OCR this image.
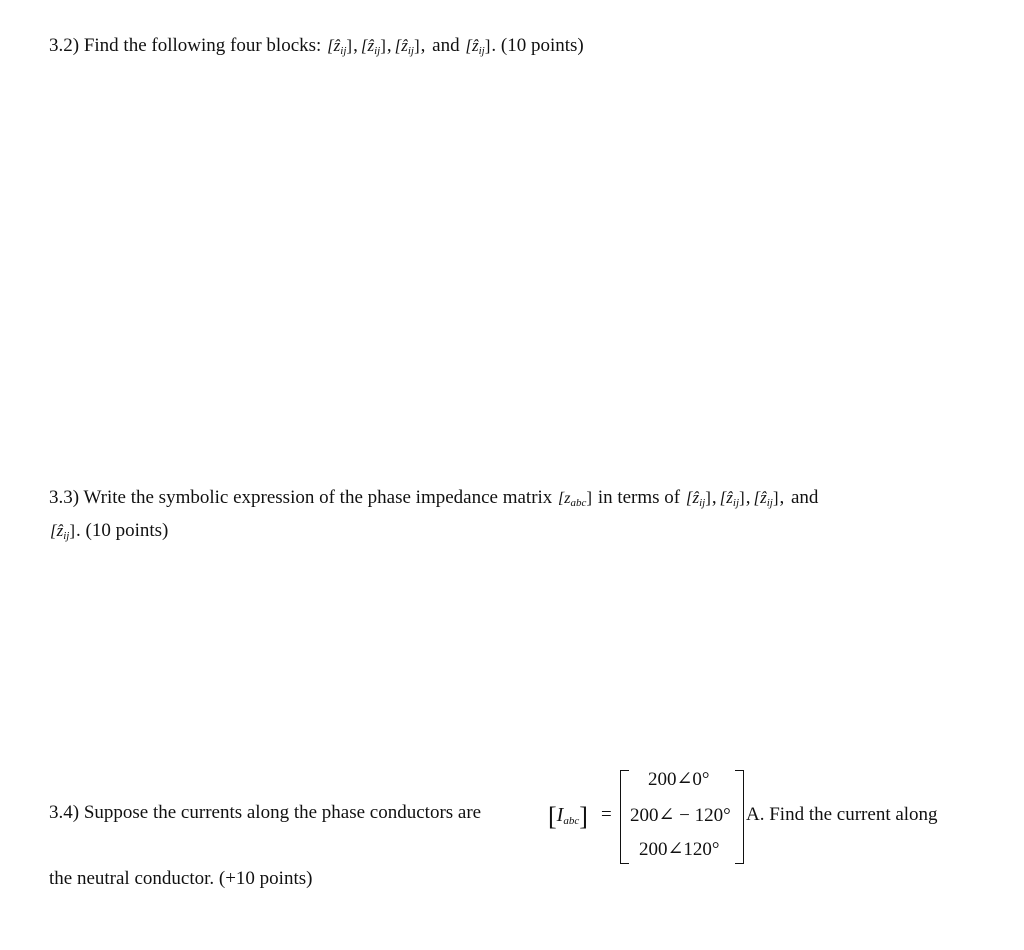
3.2) Find the following four blocks: [ẑ$_{ij}$], [ẑ$_{ij}$], [ẑ$_{ij}$], and [ẑ$_{ij}$]. (10 points)
3.3) Write the symbolic expression of the phase impedance matrix $[z_{abc}]$ in terms of [ẑ$_{ij}$], [ẑ$_{ij}$], [ẑ$_{ij}$], and
[ẑ$_{ij}$]. (10 points)
3.4) Suppose the currents along the phase conductors are	$[I_{abc}]$ =
200∠0°
200∠ − 120°
200∠120°
A. Find the current along
the neutral conductor. (+10 points)
